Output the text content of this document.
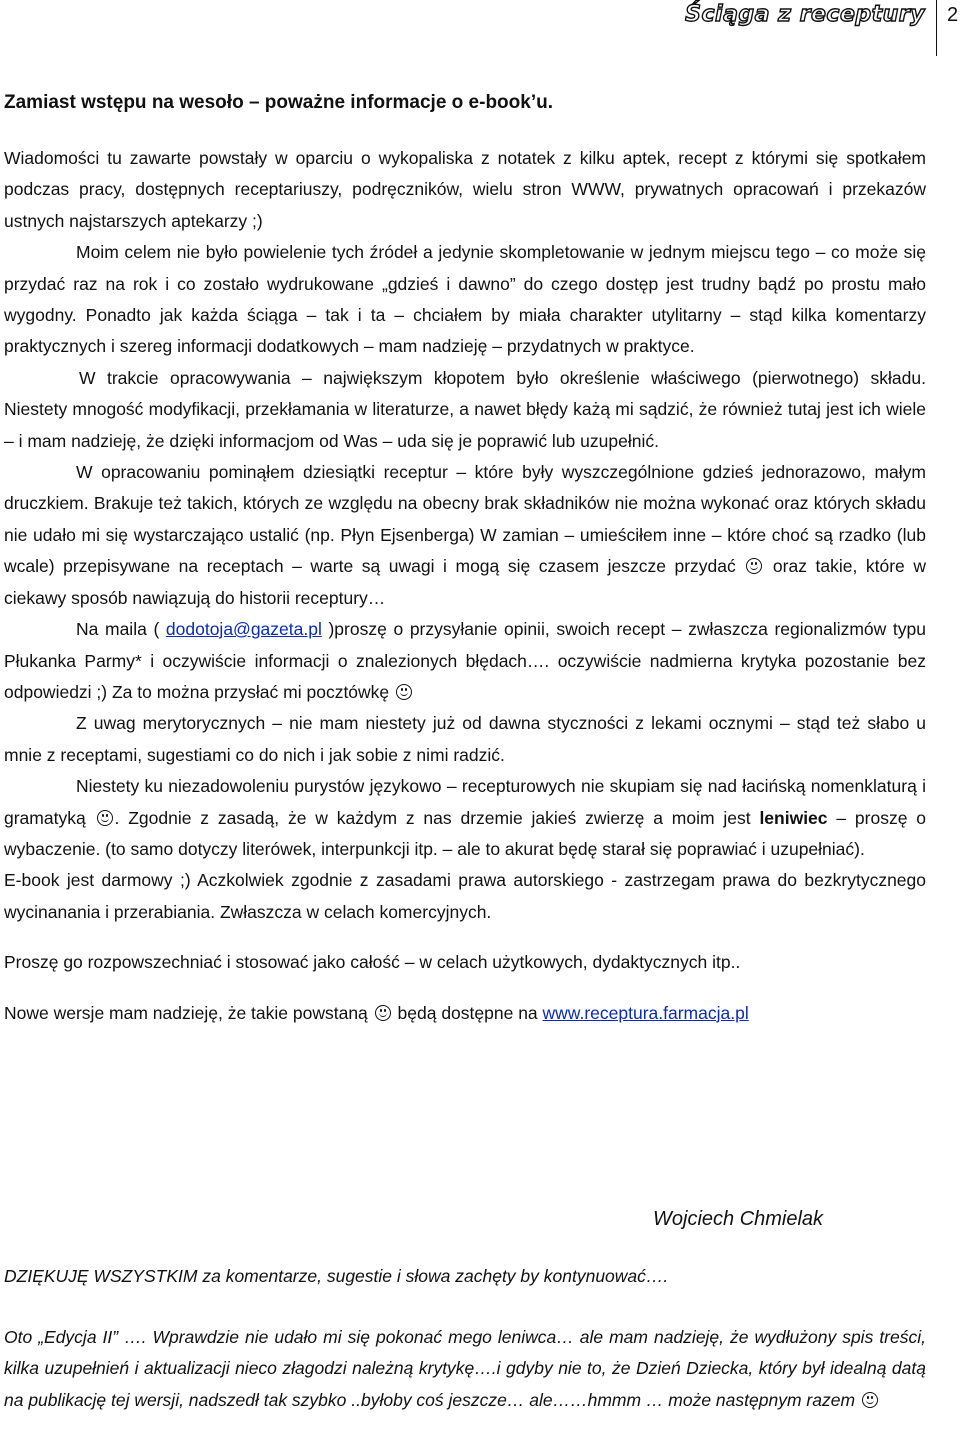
Ściąga z receptury 2
Zamiast wstępu na wesoło – poważne informacje o e-book’u.

Wiadomości tu zawarte powstały w oparciu o wykopaliska z notatek z kilku aptek, recept z którymi się spotkałem podczas pracy, dostępnych receptariuszy, podręczników, wielu stron WWW, prywatnych opracowań i przekazów ustnych najstarszych aptekarzy ;)

Moim celem nie było powielenie tych źródeł a jedynie skompletowanie w jednym miejscu tego – co może się przydać raz na rok i co zostało wydrukowane „gdzieś i dawno” do czego dostęp jest trudny bądź po prostu mało wygodny. Ponadto jak każda ściąga – tak i ta – chciałem by miała charakter utylitarny – stąd kilka komentarzy praktycznych i szereg informacji dodatkowych – mam nadzieję – przydatnych w praktyce.

W trakcie opracowywania – największym kłopotem było określenie właściwego (pierwotnego) składu. Niestety mnogość modyfikacji, przekłamania w literaturze, a nawet błędy każą mi sądzić, że również tutaj jest ich wiele – i mam nadzieję, że dzięki informacjom od Was – uda się je poprawić lub uzupełnić.

W opracowaniu pominąłem dziesiątki receptur – które były wyszczególnione gdzieś jednorazowo, małym druczkiem. Brakuje też takich, których ze względu na obecny brak składników nie można wykonać oraz których składu nie udało mi się wystarczająco ustalić (np. Płyn Ejsenberga) W zamian – umieściłem inne – które choć są rzadko (lub wcale) przepisywane na receptach – warte są uwagi i mogą się czasem jeszcze przydać
oraz takie, które w ciekawy sposób nawiązują do historii receptury…

Na maila ( dodotoja@gazeta.pl )proszę o przysyłanie opinii, swoich recept – zwłaszcza regionalizmów typu Płukanka Parmy* i oczywiście informacji o znalezionych błędach…. oczywiście nadmierna krytyka pozostanie bez odpowiedzi ;) Za to można przysłać mi pocztówkę

Z uwag merytorycznych – nie mam niestety już od dawna styczności z lekami ocznymi – stąd też słabo u mnie z receptami, sugestiami co do nich i jak sobie z nimi radzić.

Niestety ku niezadowoleniu purystów językowo – recepturowych nie skupiam się nad łacińską nomenklaturą i gramatyką . Zgodnie z zasadą, że w każdym z nas drzemie jakieś zwierzę a moim jest leniwiec – proszę o wybaczenie. (to samo dotyczy literówek, interpunkcji itp. – ale to akurat będę starał się poprawiać i uzupełniać).

E-book jest darmowy ;) Aczkolwiek zgodnie z zasadami prawa autorskiego - zastrzegam prawa do bezkrytycznego wycinanania i przerabiania. Zwłaszcza w celach komercyjnych.

Proszę go rozpowszechniać i stosować jako całość – w celach użytkowych, dydaktycznych itp..

Nowe wersje mam nadzieję, że takie powstaną
będą dostępne na www.receptura.farmacja.pl

Wojciech Chmielak
DZIĘKUJĘ WSZYSTKIM za komentarze, sugestie i słowa zachęty by kontynuować….

Oto „Edycja II” …. Wprawdzie nie udało mi się pokonać mego leniwca… ale mam nadzieję, że wydłużony spis treści, kilka uzupełnień i aktualizacji nieco złagodzi należną krytykę….i gdyby nie to, że Dzień Dziecka, który był idealną datą na publikację tej wersji, nadszedł tak szybko ..byłoby coś jeszcze… ale……hmmm … może następnym razem
